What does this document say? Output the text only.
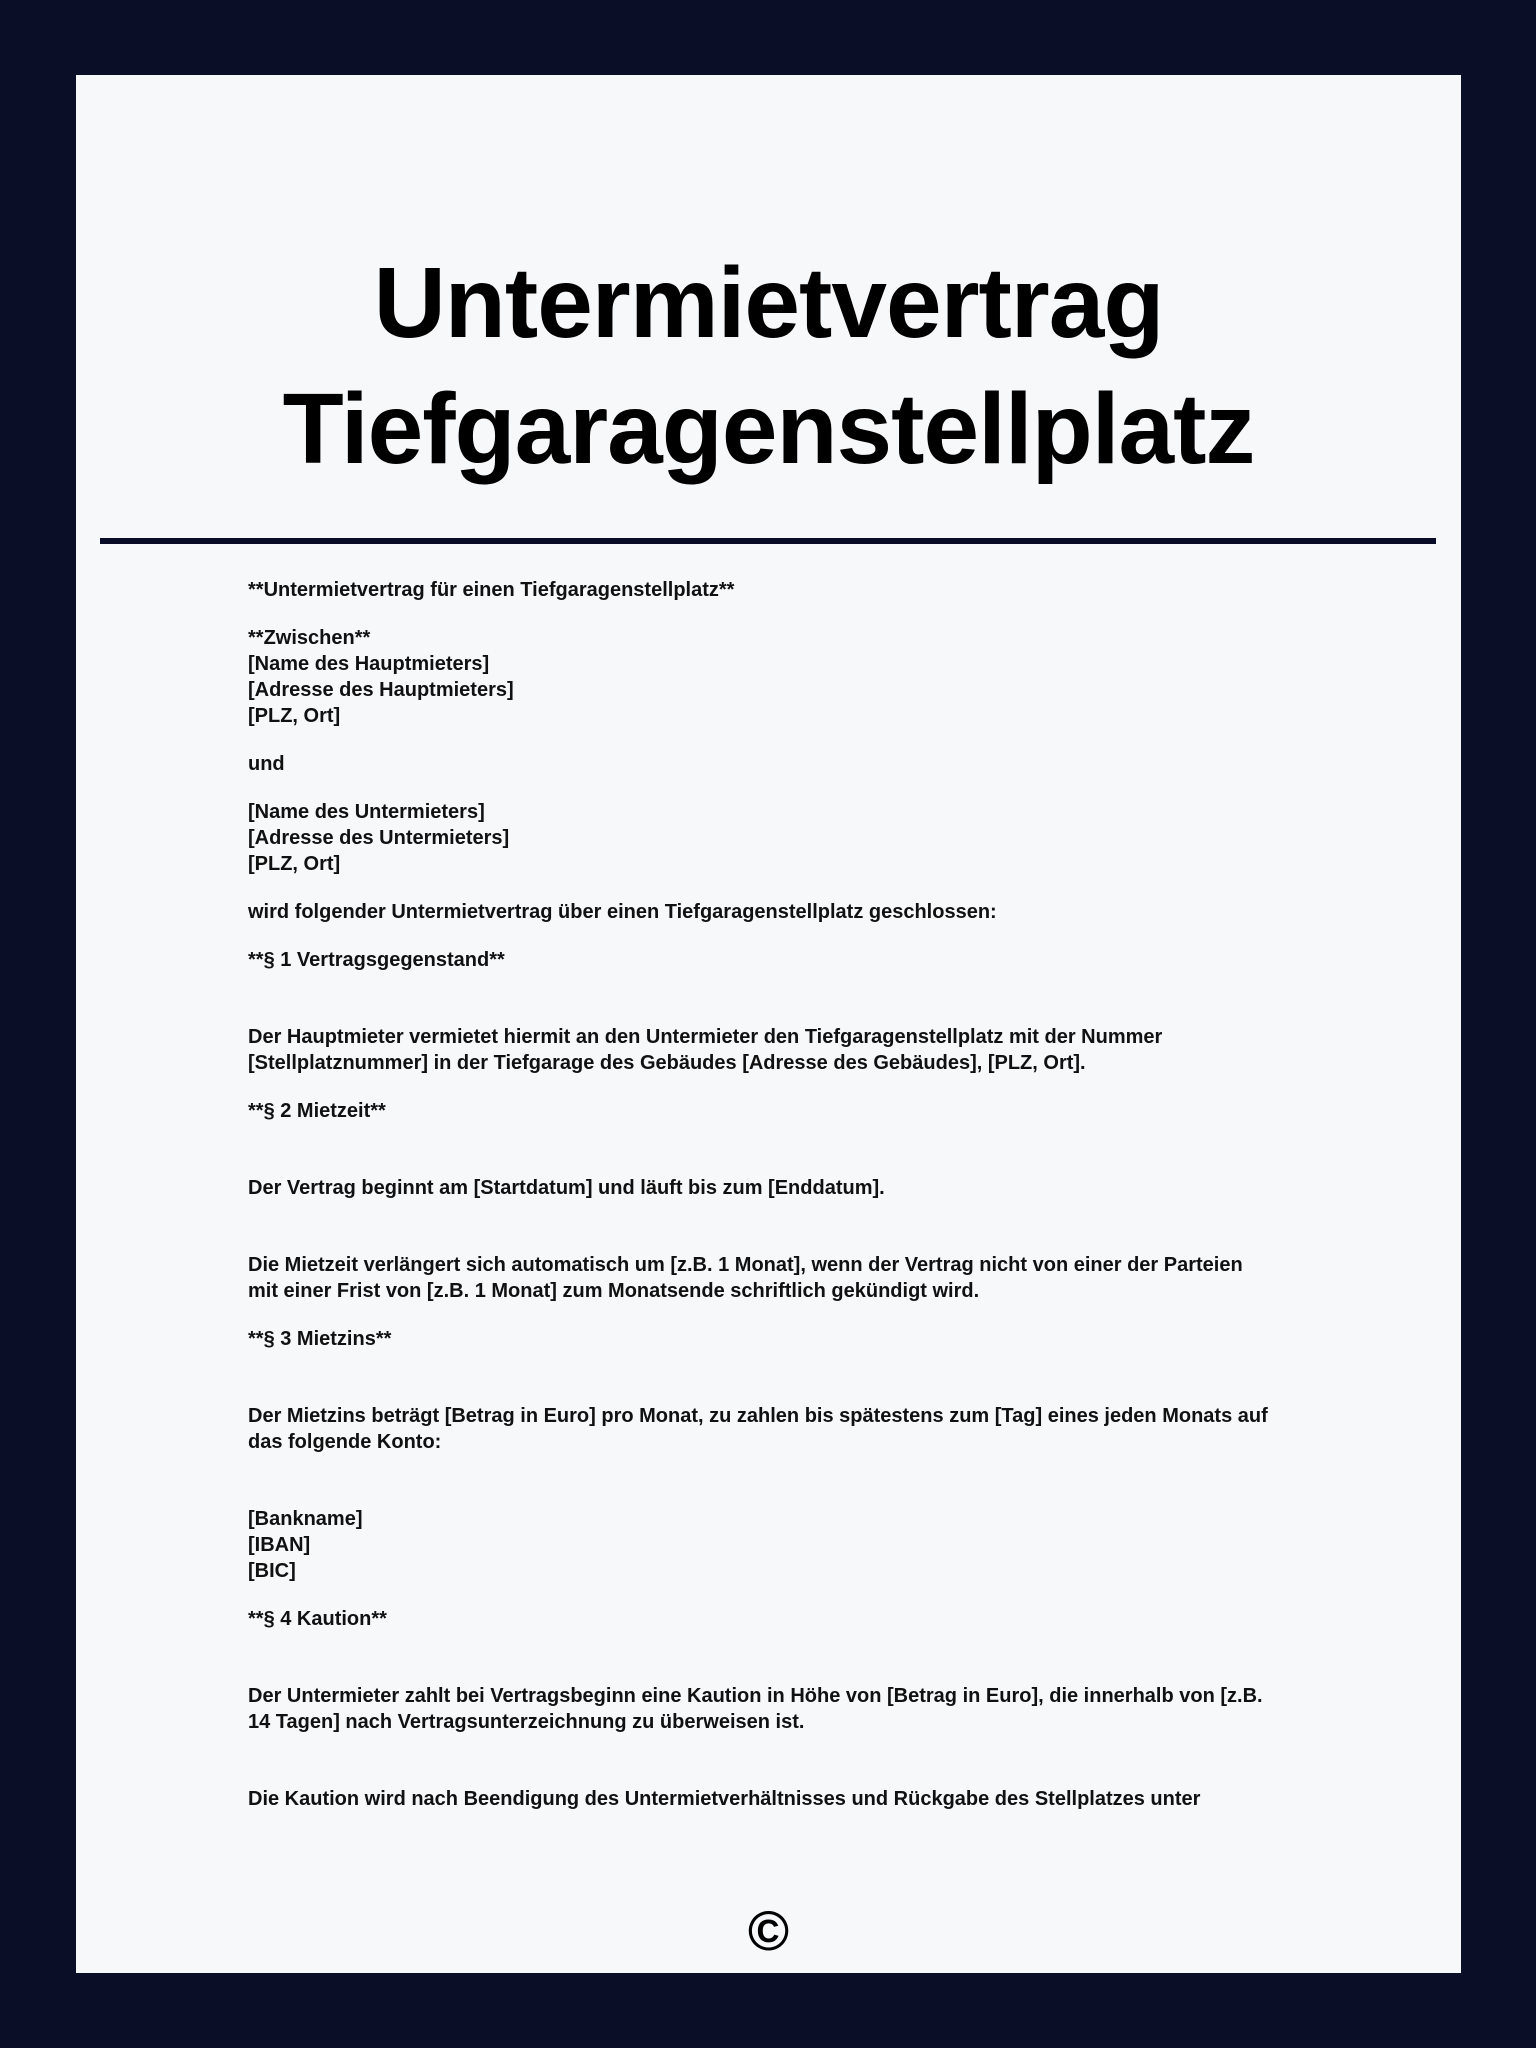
Untermietvertrag
Tiefgaragenstellplatz
**Untermietvertrag für einen Tiefgaragenstellplatz**
**Zwischen**
[Name des Hauptmieters]
[Adresse des Hauptmieters]
[PLZ, Ort]
und
[Name des Untermieters]
[Adresse des Untermieters]
[PLZ, Ort]
wird folgender Untermietvertrag über einen Tiefgaragenstellplatz geschlossen:
**§ 1 Vertragsgegenstand**
Der Hauptmieter vermietet hiermit an den Untermieter den Tiefgaragenstellplatz mit der Nummer
[Stellplatznummer] in der Tiefgarage des Gebäudes [Adresse des Gebäudes], [PLZ, Ort].
**§ 2 Mietzeit**
Der Vertrag beginnt am [Startdatum] und läuft bis zum [Enddatum].
Die Mietzeit verlängert sich automatisch um [z.B. 1 Monat], wenn der Vertrag nicht von einer der Parteien
mit einer Frist von [z.B. 1 Monat] zum Monatsende schriftlich gekündigt wird.
**§ 3 Mietzins**
Der Mietzins beträgt [Betrag in Euro] pro Monat, zu zahlen bis spätestens zum [Tag] eines jeden Monats auf
das folgende Konto:
[Bankname]
[IBAN]
[BIC]
**§ 4 Kaution**
Der Untermieter zahlt bei Vertragsbeginn eine Kaution in Höhe von [Betrag in Euro], die innerhalb von [z.B.
14 Tagen] nach Vertragsunterzeichnung zu überweisen ist.
Die Kaution wird nach Beendigung des Untermietverhältnisses und Rückgabe des Stellplatzes unter
©
